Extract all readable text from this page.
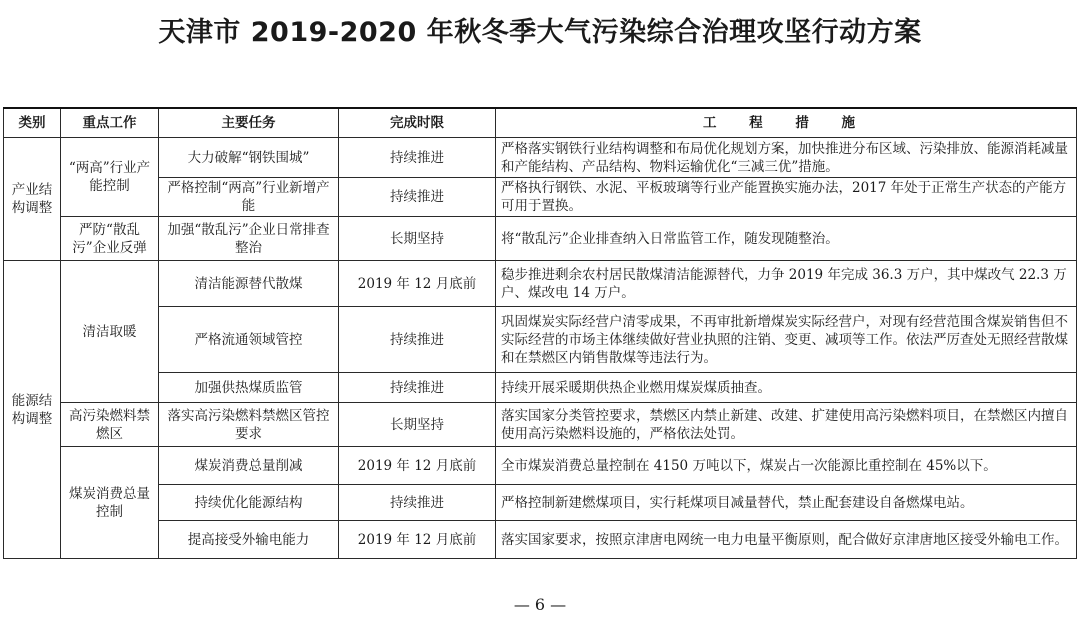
天津市 2019-2020 年秋冬季大气污染综合治理攻坚行动方案
类别	重点工作	主要任务	完成时限	工 程 措 施
产业结构调整	“两高”行业产能控制	大力破解“钢铁围城”	持续推进	严格落实钢铁行业结构调整和布局优化规划方案，加快推进分布区域、污染排放、能源消耗减量和产能结构、产品结构、物料运输优化“三减三优”措施。
		严格控制“两高”行业新增产能	持续推进	严格执行钢铁、水泥、平板玻璃等行业产能置换实施办法，2017 年处于正常生产状态的产能方可用于置换。
	严防“散乱污”企业反弹	加强“散乱污”企业日常排查整治	长期坚持	将“散乱污”企业排查纳入日常监管工作，随发现随整治。
能源结构调整	清洁取暖	清洁能源替代散煤	2019 年 12 月底前	稳步推进剩余农村居民散煤清洁能源替代，力争 2019 年完成 36.3 万户，其中煤改气 22.3 万户、煤改电 14 万户。
		严格流通领域管控	持续推进	巩固煤炭实际经营户清零成果，不再审批新增煤炭实际经营户，对现有经营范围含煤炭销售但不实际经营的市场主体继续做好营业执照的注销、变更、减项等工作。依法严厉查处无照经营散煤和在禁燃区内销售散煤等违法行为。
		加强供热煤质监管	持续推进	持续开展采暖期供热企业燃用煤炭煤质抽查。
	高污染燃料禁燃区	落实高污染燃料禁燃区管控要求	长期坚持	落实国家分类管控要求，禁燃区内禁止新建、改建、扩建使用高污染燃料项目，在禁燃区内擅自使用高污染燃料设施的，严格依法处罚。
	煤炭消费总量控制	煤炭消费总量削减	2019 年 12 月底前	全市煤炭消费总量控制在 4150 万吨以下，煤炭占一次能源比重控制在 45%以下。
		持续优化能源结构	持续推进	严格控制新建燃煤项目，实行耗煤项目减量替代，禁止配套建设自备燃煤电站。
		提高接受外输电能力	2019 年 12 月底前	落实国家要求，按照京津唐电网统一电力电量平衡原则，配合做好京津唐地区接受外输电工作。

— 6 —
